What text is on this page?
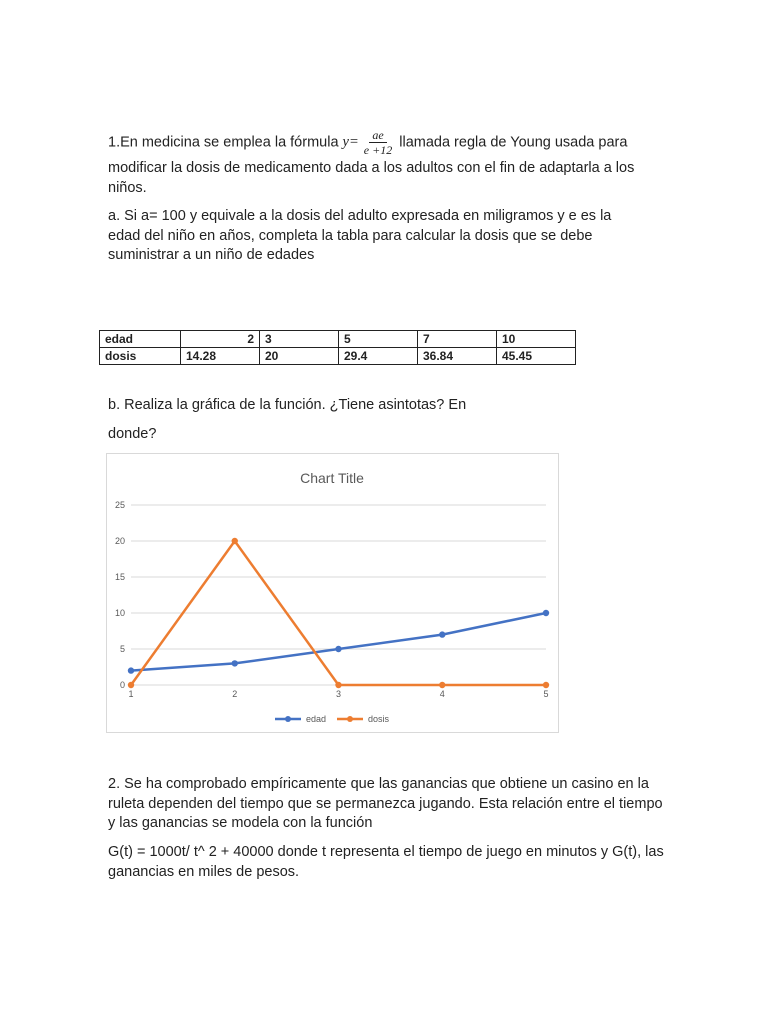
1.En medicina se emplea la fórmula $y= \frac{ae}{e +12}$ llamada regla de Young usada para

modificar la dosis de medicamento dada a los adultos con el fin de adaptarla a los niños.

a. Si a= 100 y equivale a la dosis del adulto expresada en miligramos y e es la edad del niño en años, completa la tabla para calcular la dosis que se debe suministrar a un niño de edades

edad	2	3	5	7	10
dosis	14.28	20	29.4	36.84	45.45

b. Realiza la gráfica de la función. ¿Tiene asintotas? En

donde?

Chart Title
0
5
10
15
20
25
1	2	3	4	5
edad	dosis

2. Se ha comprobado empíricamente que las ganancias que obtiene un casino en la ruleta dependen del tiempo que se permanezca jugando. Esta relación entre el tiempo y las ganancias se modela con la función

G(t) = 1000t/ t^ 2 + 40000 donde t representa el tiempo de juego en minutos y G(t), las ganancias en miles de pesos.
